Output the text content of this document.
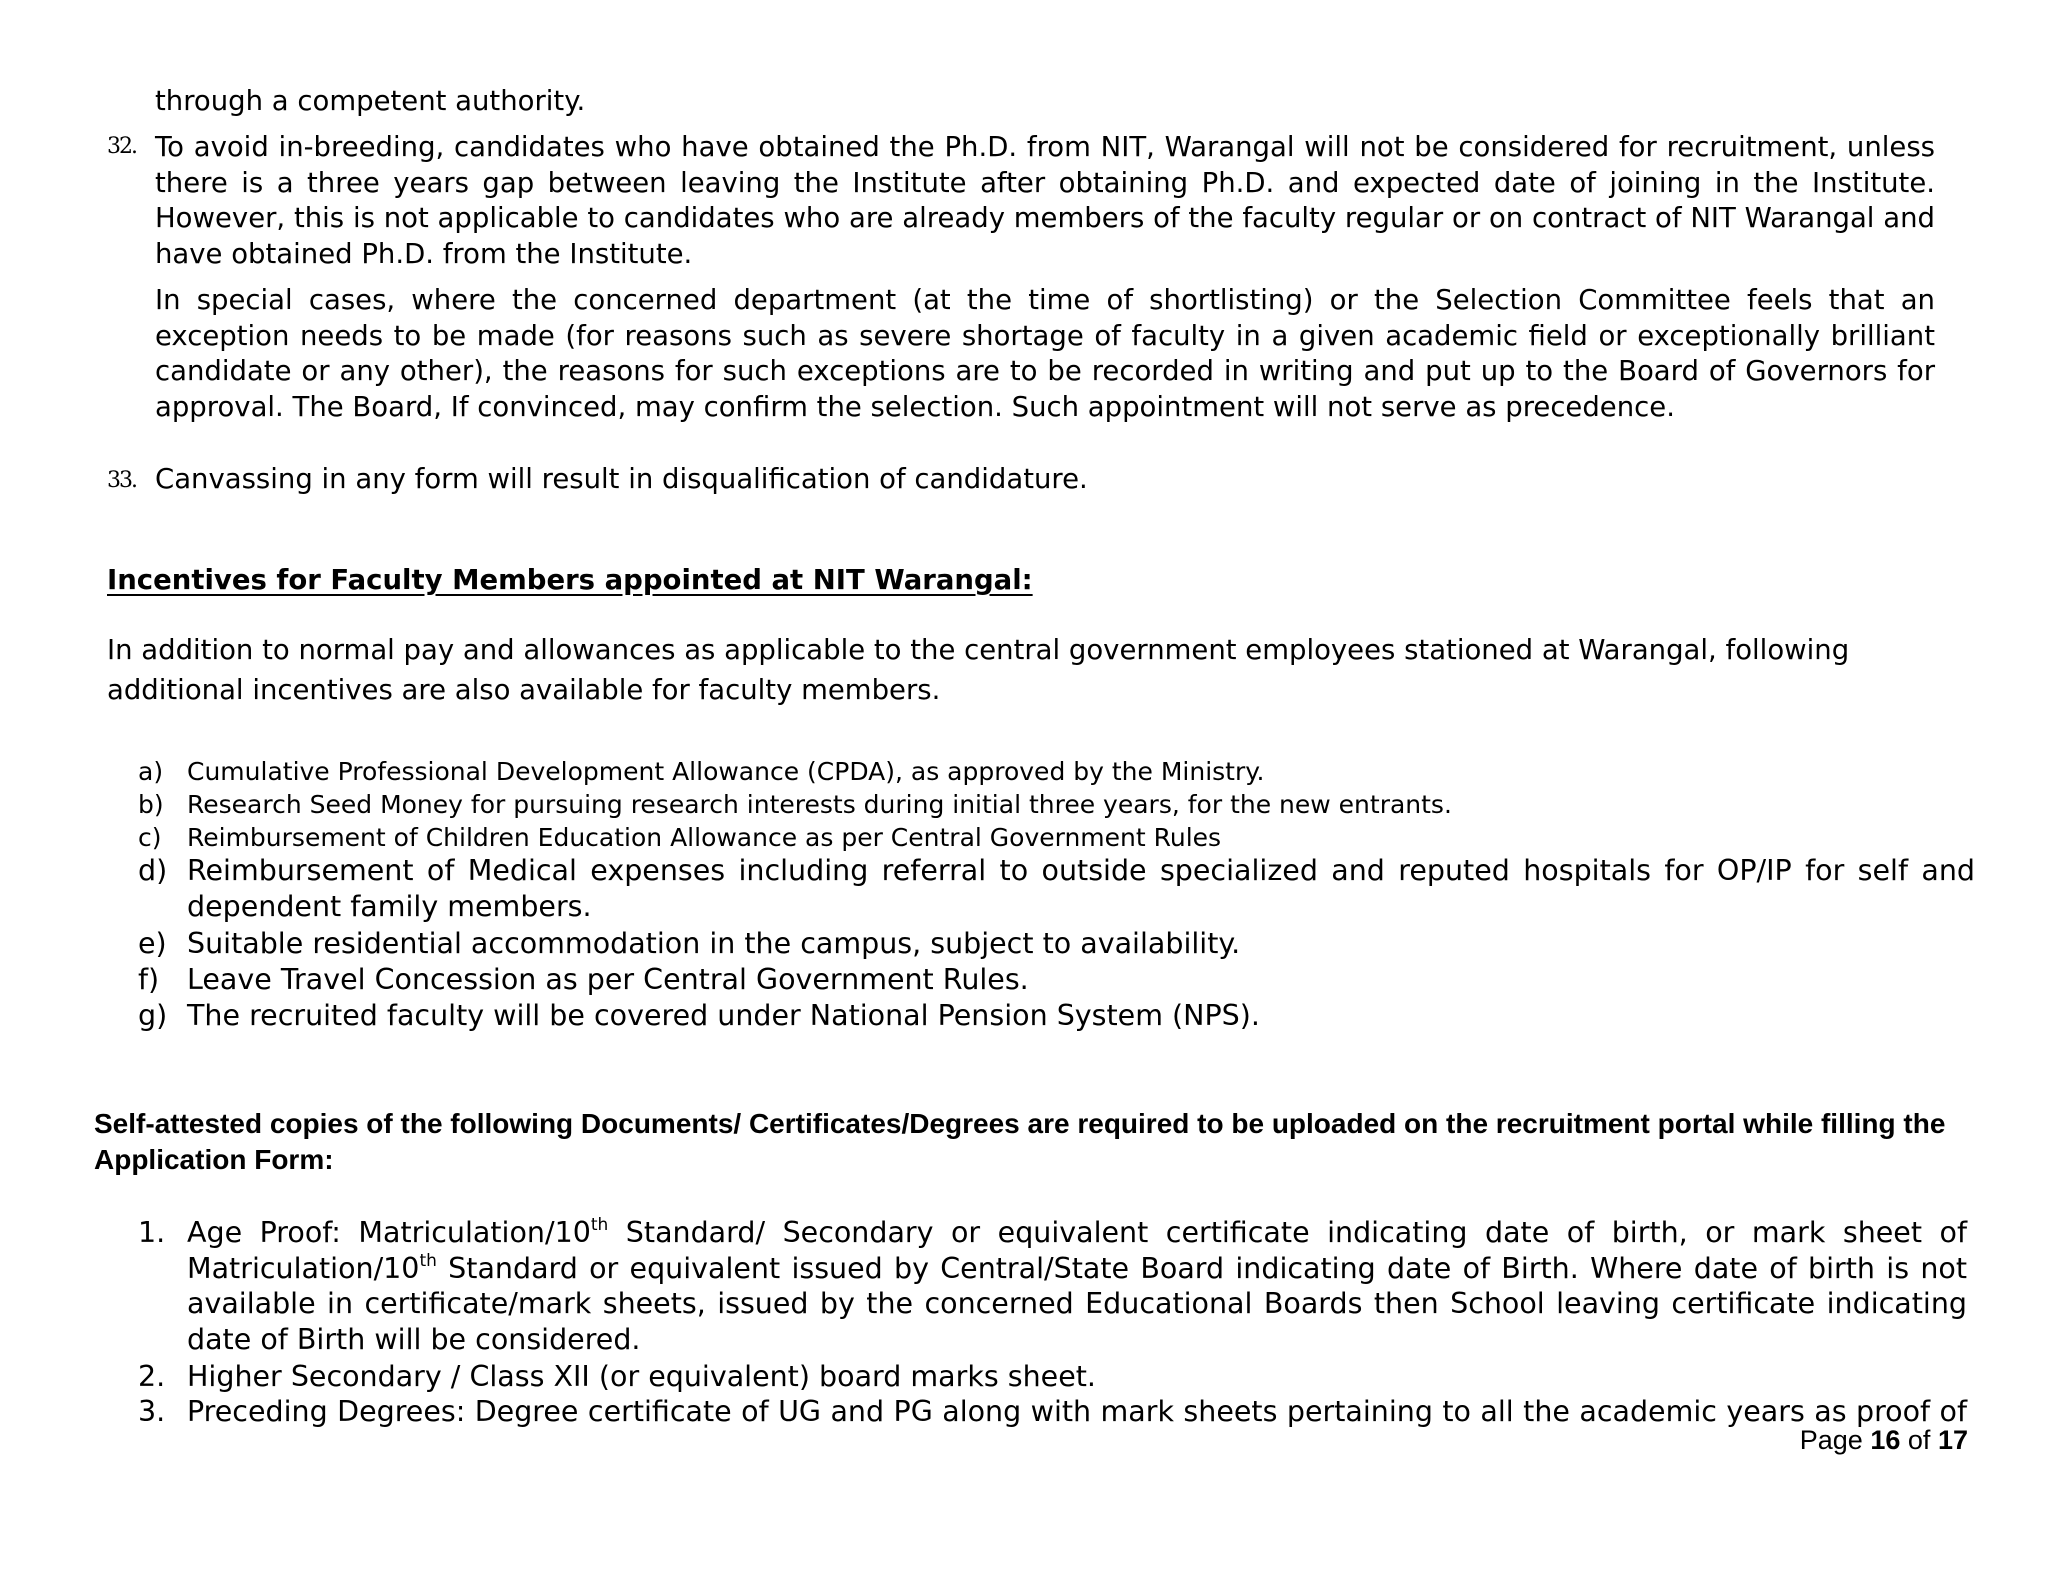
through a competent authority.
32. To avoid in-breeding, candidates who have obtained the Ph.D. from NIT, Warangal will not be considered for recruitment, unless there is a three years gap between leaving the Institute after obtaining Ph.D. and expected date of joining in the Institute. However, this is not applicable to candidates who are already members of the faculty regular or on contract of NIT Warangal and have obtained Ph.D. from the Institute.
In special cases, where the concerned department (at the time of shortlisting) or the Selection Committee feels that an exception needs to be made (for reasons such as severe shortage of faculty in a given academic field or exceptionally brilliant candidate or any other), the reasons for such exceptions are to be recorded in writing and put up to the Board of Governors for approval. The Board, If convinced, may confirm the selection. Such appointment will not serve as precedence.
33. Canvassing in any form will result in disqualification of candidature.
Incentives for Faculty Members appointed at NIT Warangal:
In addition to normal pay and allowances as applicable to the central government employees stationed at Warangal, following additional incentives are also available for faculty members.
a) Cumulative Professional Development Allowance (CPDA), as approved by the Ministry.
b) Research Seed Money for pursuing research interests during initial three years, for the new entrants.
c) Reimbursement of Children Education Allowance as per Central Government Rules
d) Reimbursement of Medical expenses including referral to outside specialized and reputed hospitals for OP/IP for self and dependent family members.
e) Suitable residential accommodation in the campus, subject to availability.
f) Leave Travel Concession as per Central Government Rules.
g) The recruited faculty will be covered under National Pension System (NPS).
Self-attested copies of the following Documents/ Certificates/Degrees are required to be uploaded on the recruitment portal while filling the Application Form:
1. Age Proof: Matriculation/10th Standard/ Secondary or equivalent certificate indicating date of birth, or mark sheet of Matriculation/10th Standard or equivalent issued by Central/State Board indicating date of Birth. Where date of birth is not available in certificate/mark sheets, issued by the concerned Educational Boards then School leaving certificate indicating date of Birth will be considered.
2. Higher Secondary / Class XII (or equivalent) board marks sheet.
3. Preceding Degrees: Degree certificate of UG and PG along with mark sheets pertaining to all the academic years as proof of
Page 16 of 17
